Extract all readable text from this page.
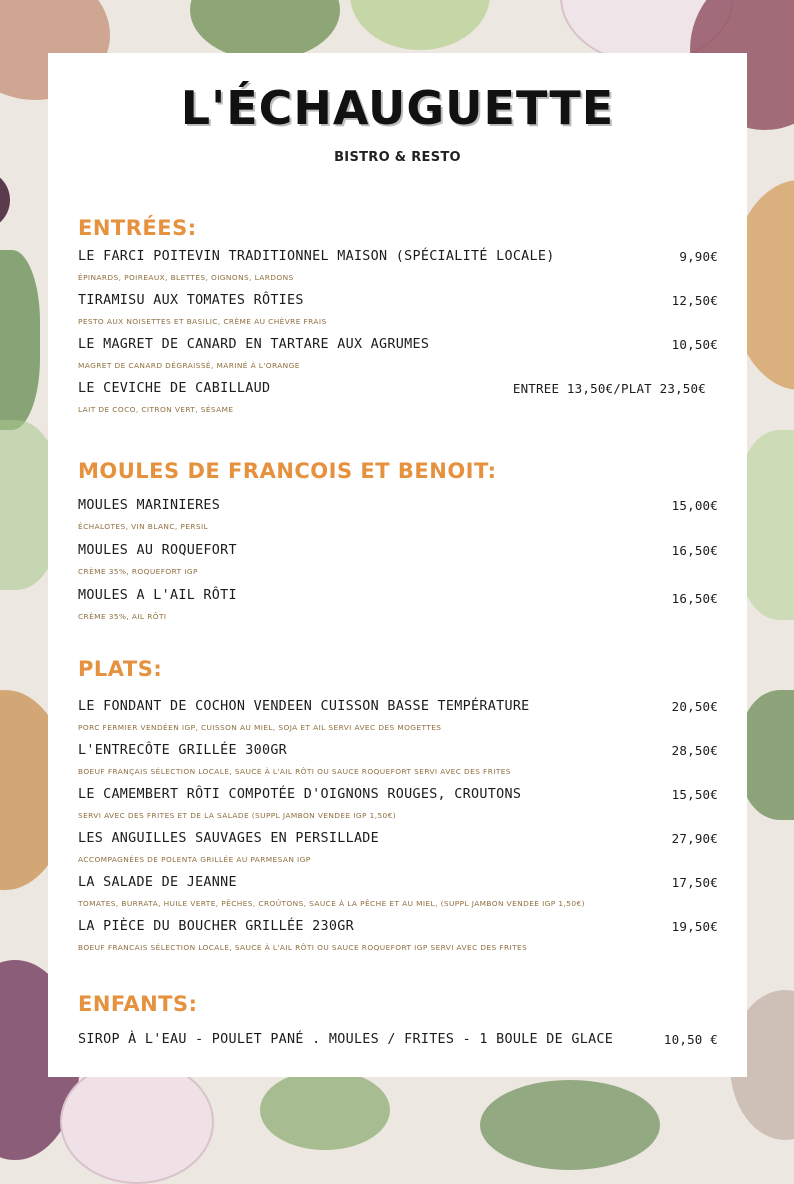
L'ÉCHAUGUETTE
BISTRO & RESTO
ENTRÉES:
LE FARCI POITEVIN TRADITIONNEL MAISON (SPÉCIALITÉ LOCALE)	9,90€
ÉPINARDS, POIREAUX, BLETTES, OIGNONS, LARDONS
TIRAMISU AUX TOMATES RÔTIES	12,50€
PESTO AUX NOISETTES ET BASILIC, CRÈME AU CHÈVRE FRAIS
LE MAGRET DE CANARD EN TARTARE AUX AGRUMES	10,50€
MAGRET DE CANARD DÉGRAISSÉ, MARINÉ À L'ORANGE
LE CEVICHE DE CABILLAUD	ENTREE 13,50€/PLAT 23,50€
LAIT DE COCO, CITRON VERT, SÉSAME
MOULES DE FRANCOIS ET BENOIT:
MOULES MARINIERES	15,00€
ÉCHALOTES, VIN BLANC, PERSIL
MOULES AU ROQUEFORT	16,50€
CRÈME 35%, ROQUEFORT IGP
MOULES A L'AIL RÔTI	16,50€
CRÈME 35%, AIL RÔTI
PLATS:
LE FONDANT DE COCHON VENDEEN CUISSON BASSE TEMPÉRATURE	20,50€
PORC FERMIER VENDÉEN IGP, CUISSON AU MIEL, SOJA ET AIL SERVI AVEC DES MOGETTES
L'ENTRECÔTE GRILLÉE 300GR	28,50€
BOEUF FRANÇAIS SÉLECTION LOCALE, SAUCE À L'AIL RÔTI OU SAUCE ROQUEFORT SERVI AVEC DES FRITES
LE CAMEMBERT RÔTI COMPOTÉE D'OIGNONS ROUGES, CROUTONS	15,50€
SERVI AVEC DES FRITES ET DE LA SALADE (SUPPL JAMBON VENDEE IGP 1,50€)
LES ANGUILLES SAUVAGES EN PERSILLADE	27,90€
ACCOMPAGNÉES DE POLENTA GRILLÉE AU PARMESAN IGP
LA SALADE DE JEANNE	17,50€
TOMATES, BURRATA, HUILE VERTE, PÊCHES, CROÛTONS, SAUCE À LA PÊCHE ET AU MIEL, (SUPPL JAMBON VENDEE IGP 1,50€)
LA PIÈCE DU BOUCHER GRILLÉE 230GR	19,50€
BOEUF FRANCAIS SÉLECTION LOCALE, SAUCE À L'AIL RÔTI OU SAUCE ROQUEFORT IGP SERVI AVEC DES FRITES
ENFANTS:
SIROP À L'EAU - POULET PANÉ . MOULES / FRITES - 1 BOULE DE GLACE	10,50 €
